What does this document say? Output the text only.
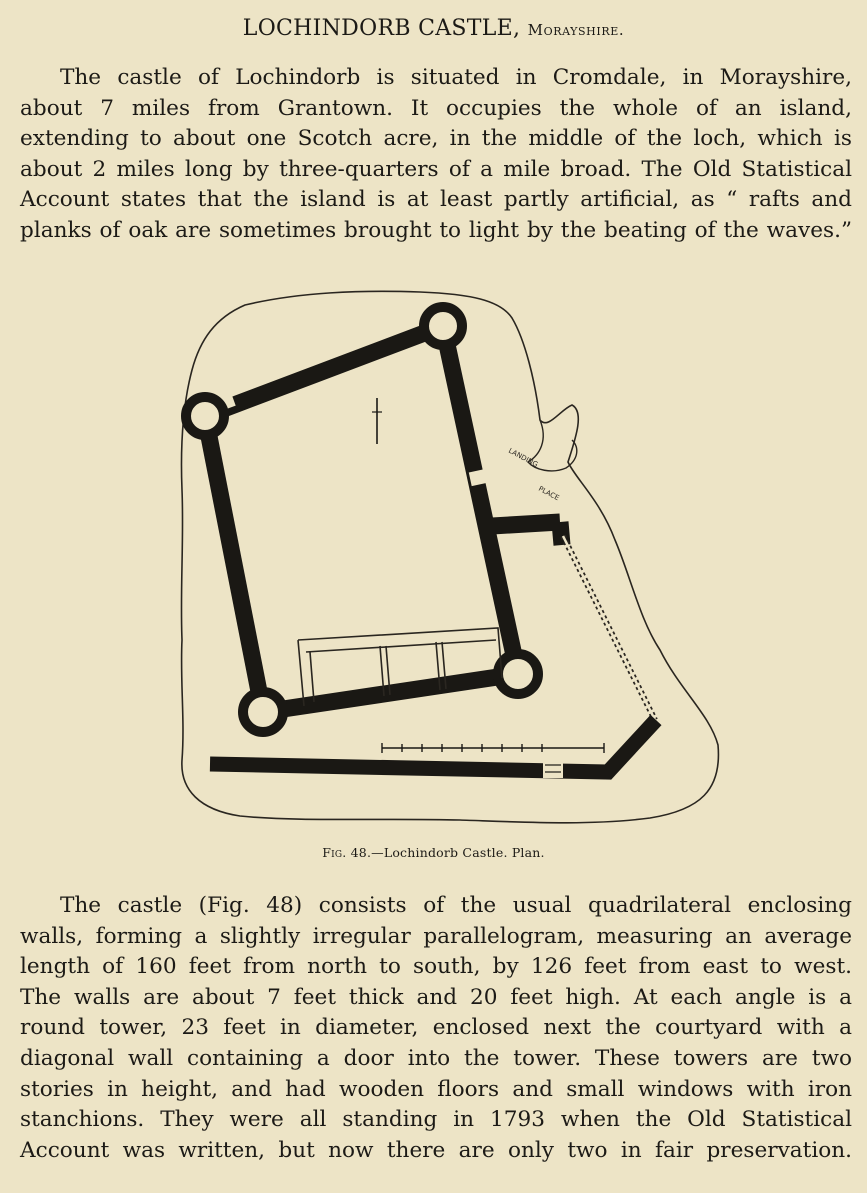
LOCHINDORB CASTLE, Morayshire.

The castle of Lochindorb is situated in Cromdale, in Morayshire,
about 7 miles from Grantown. It occupies the whole of an island,
extending to about one Scotch acre, in the middle of the loch, which is
about 2 miles long by three-quarters of a mile broad. The Old Statistical
Account states that the island is at least partly artificial, as “ rafts and
planks of oak are sometimes brought to light by the beating of the waves.”

LANDING
PLACE
Fig. 48.—Lochindorb Castle. Plan.

The castle (Fig. 48) consists of the usual quadrilateral enclosing
walls, forming a slightly irregular parallelogram, measuring an average
length of 160 feet from north to south, by 126 feet from east to west.
The walls are about 7 feet thick and 20 feet high. At each angle is a
round tower, 23 feet in diameter, enclosed next the courtyard with a
diagonal wall containing a door into the tower. These towers are two
stories in height, and had wooden floors and small windows with iron
stanchions. They were all standing in 1793 when the Old Statistical
Account was written, but now there are only two in fair preservation.
